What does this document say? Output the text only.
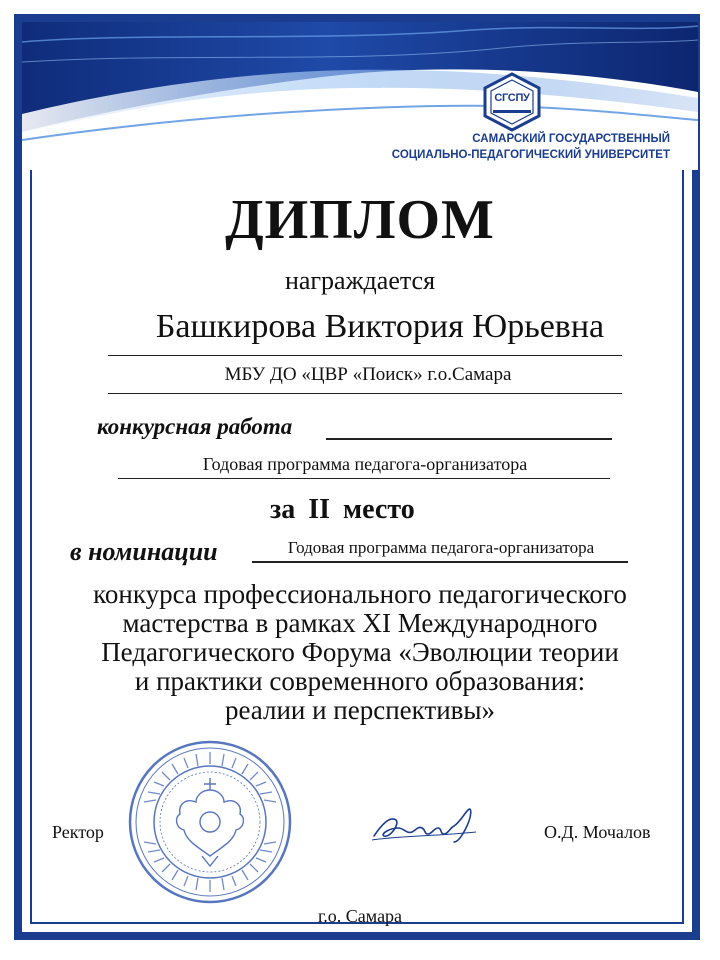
СГСПУ
САМАРСКИЙ ГОСУДАРСТВЕННЫЙ
СОЦИАЛЬНО-ПЕДАГОГИЧЕСКИЙ УНИВЕРСИТЕТ
ДИПЛОМ
награждается
Башкирова Виктория Юрьевна
МБУ ДО «ЦВР «Поиск» г.о.Самара
конкурсная работа
Годовая программа педагога-организатора
за II место
в номинации	Годовая программа педагога-организатора
конкурса профессионального педагогического
мастерства в рамках XI Международного
Педагогического Форума «Эволюции теории
и практики современного образования:
реалии и перспективы»
Ректор	О.Д. Мочалов
г.о. Самара
